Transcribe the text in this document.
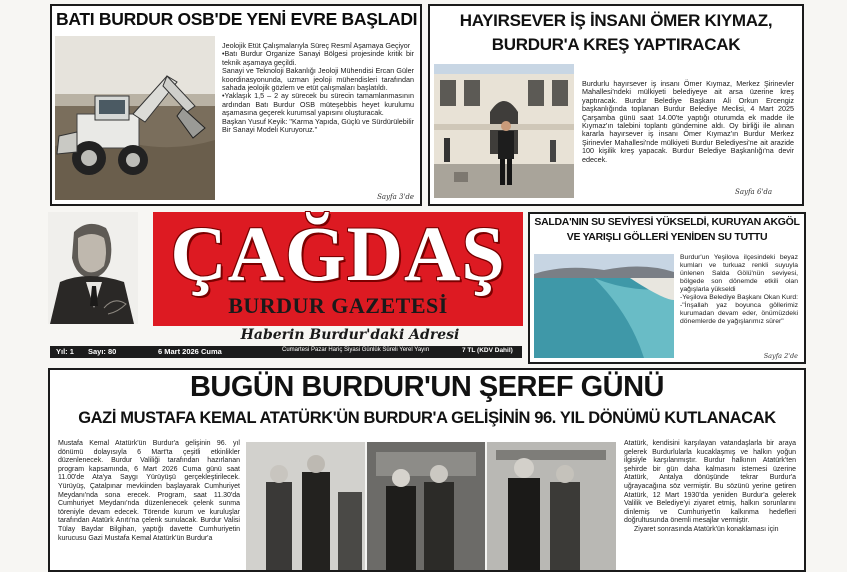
BATI BURDUR OSB'DE YENİ EVRE BAŞLADI

Jeolojik Etüt Çalışmalarıyla Süreç Resmî Aşamaya Geçiyor

•Batı Burdur Organize Sanayi Bölgesi projesinde kritik bir teknik aşamaya geçildi.

Sanayi ve Teknoloji Bakanlığı Jeoloji Mühendisi Ercan Güler koordinasyonunda, uzman jeoloji mühendisleri tarafından sahada jeolojik gözlem ve etüt çalışmaları başlatıldı.

•Yaklaşık 1,5 – 2 ay sürecek bu sürecin tamamlanmasının ardından Batı Burdur OSB müteşebbis heyet kurulumu aşamasına geçerek kurumsal yapısını oluşturacak.

Başkan Yusuf Keyik: "Karma Yapıda, Güçlü ve Sürdürülebilir Bir Sanayi Modeli Kuruyoruz."

Sayfa 3'de
HAYIRSEVER İŞ İNSANI ÖMER KIYMAZ,
BURDUR'A KREŞ YAPTIRACAK

Burdurlu hayırsever iş insanı Ömer Kıymaz, Merkez Şirinevler Mahallesi'ndeki mülkiyeti belediyeye ait arsa üzerine kreş yaptıracak. Burdur Belediye Başkanı Ali Orkun Ercengiz başkanlığında toplanan Burdur Belediye Meclisi, 4 Mart 2025 Çarşamba günü saat 14.00'te yaptığı oturumda ek madde ile Kıymaz'ın talebini toplantı gündemine aldı. Oy birliği ile alınan kararla hayırsever iş insanı Ömer Kıymaz'ın Burdur Merkez Şirinevler Mahallesi'nde mülkiyeti Burdur Belediyesi'ne ait arazide 100 kişilik kreş yapacak. Burdur Belediye Başkanlığı'na devir edecek.

Sayfa 6'da
ÇAĞDAŞ
BURDUR GAZETESİ
Haberin Burdur'daki Adresi
Yıl: 1 Sayı: 80	6 Mart 2026 Cuma	Cumartesi Pazar Hariç Siyasi Günlük Süreli Yerel Yayın	7 TL (KDV Dahil)
SALDA'NIN SU SEVİYESİ YÜKSELDİ, KURUYAN AKGÖL
VE YARIŞLI GÖLLERİ YENİDEN SU TUTTU

Burdur'un Yeşilova ilçesindeki beyaz kumları ve turkuaz renkli suyuyla ünlenen Salda Gölü'nün seviyesi, bölgede son dönemde etkili olan yağışlarla yükseldi

-Yeşilova Belediye Başkanı Okan Kurd:

-"İnşallah yaz boyunca göllerimiz kurumadan devam eder, önümüzdeki dönemlerde de yağışlarımız sürer"

Sayfa 2'de
BUGÜN BURDUR'UN ŞEREF GÜNÜ
GAZİ MUSTAFA KEMAL ATATÜRK'ÜN BURDUR'A GELİŞİNİN 96. YIL DÖNÜMÜ KUTLANACAK

Mustafa Kemal Atatürk'ün Burdur'a gelişinin 96. yıl dönümü dolayısıyla 6 Mart'ta çeşitli etkinlikler düzenlenecek. Burdur Valiliği tarafından hazırlanan program kapsamında, 6 Mart 2026 Cuma günü saat 11.00'de Ata'ya Saygı Yürüyüşü gerçekleştirilecek. Yürüyüş, Çatalpınar mevkiinden başlayarak Cumhuriyet Meydanı'nda sona erecek. Program, saat 11.30'da Cumhuriyet Meydanı'nda düzenlenecek çelenk sunma töreniyle devam edecek. Törende kurum ve kuruluşlar tarafından Atatürk Anıtı'na çelenk sunulacak. Burdur Valisi Tülay Baydar Bilgihan, yaptığı davette Cumhuriyetin kurucusu Gazi Mustafa Kemal Atatürk'ün Burdur'a

Atatürk, kendisini karşılayan vatandaşlarla bir araya gelerek Burdurlularla kucaklaşmış ve halkın yoğun ilgisiyle karşılanmıştır. Burdur halkının Atatürk'ten şehirde bir gün daha kalmasını istemesi üzerine Atatürk, Antalya dönüşünde tekrar Burdur'a uğrayacağına söz vermiştir. Bu sözünü yerine getiren Atatürk, 12 Mart 1930'da yeniden Burdur'a gelerek Valilik ve Belediye'yi ziyaret etmiş, halkın sorunlarını dinlemiş ve Cumhuriyet'in kalkınma hedefleri doğrultusunda önemli mesajlar vermiştir.

Ziyaret sonrasında Atatürk'ün konaklaması için
